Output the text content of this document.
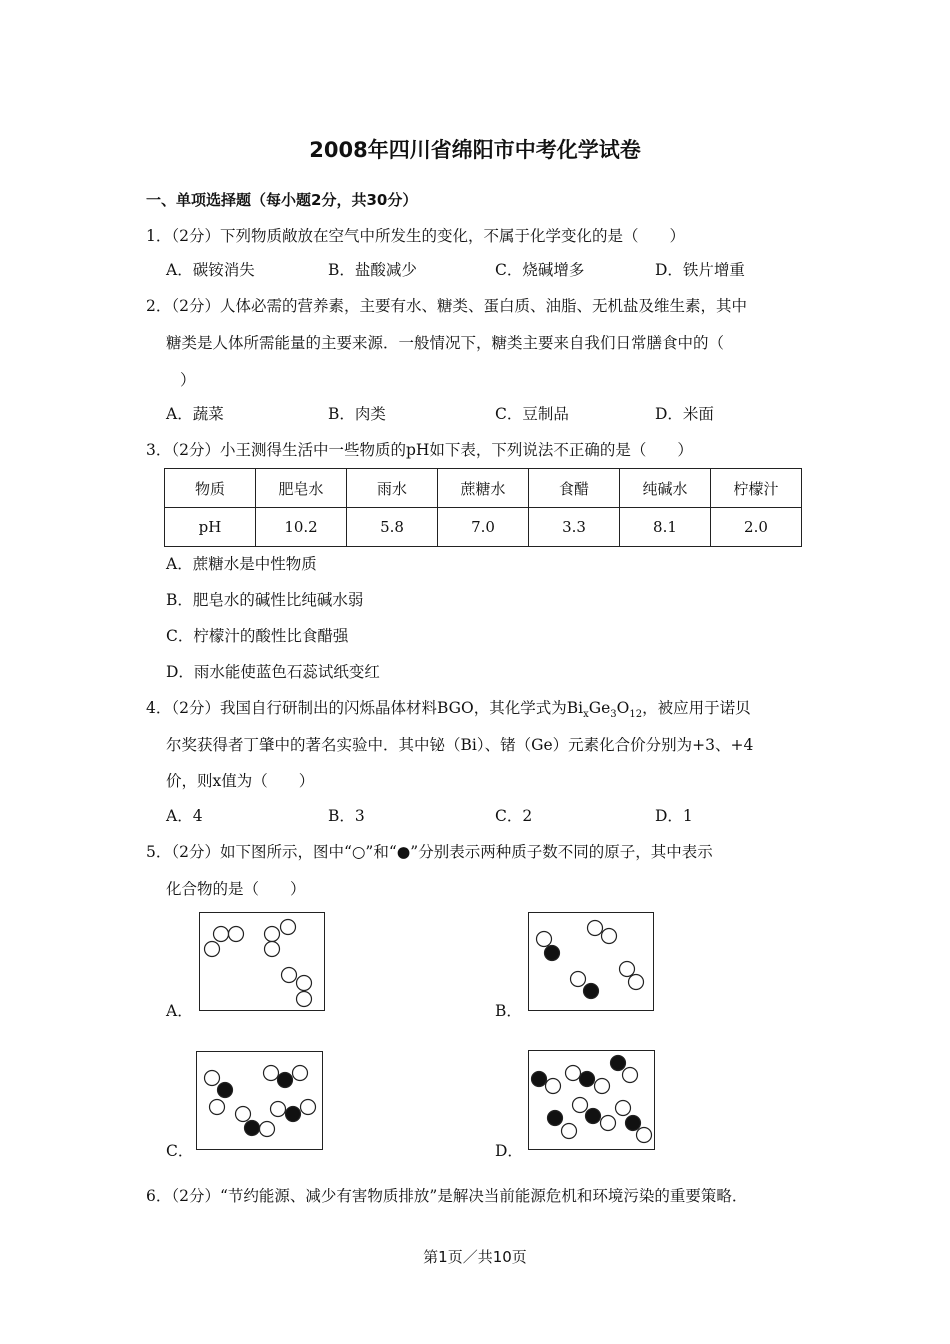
2008年四川省绵阳市中考化学试卷
一、单项选择题（每小题2分，共30分）
1．（2分）下列物质敞放在空气中所发生的变化，不属于化学变化的是（　　）
A．碳铵消失	B．盐酸减少	C．烧碱增多	D．铁片增重
2．（2分）人体必需的营养素，主要有水、糖类、蛋白质、油脂、无机盐及维生素，其中
糖类是人体所需能量的主要来源．一般情况下，糖类主要来自我们日常膳食中的（
）
A．蔬菜	B．肉类	C．豆制品	D．米面
3．（2分）小王测得生活中一些物质的pH如下表，下列说法不正确的是（　　）
物质	肥皂水	雨水	蔗糖水	食醋	纯碱水	柠檬汁
pH	10.2	5.8	7.0	3.3	8.1	2.0
A．蔗糖水是中性物质
B．肥皂水的碱性比纯碱水弱
C．柠檬汁的酸性比食醋强
D．雨水能使蓝色石蕊试纸变红
4．（2分）我国自行研制出的闪烁晶体材料BGO，其化学式为$Bi_xGe_3O_{12}$，被应用于诺贝
尔奖获得者丁肇中的著名实验中．其中铋（Bi）、锗（Ge）元素化合价分别为+3、+4
价，则x值为（　　）
A．4	B．3	C．2	D．1
5．（2分）如下图所示，图中“○”和“●”分别表示两种质子数不同的原子，其中表示
化合物的是（　　）
A．	B．
C．	D．
6．（2分）“节约能源、减少有害物质排放”是解决当前能源危机和环境污染的重要策略．
第1页／共10页
